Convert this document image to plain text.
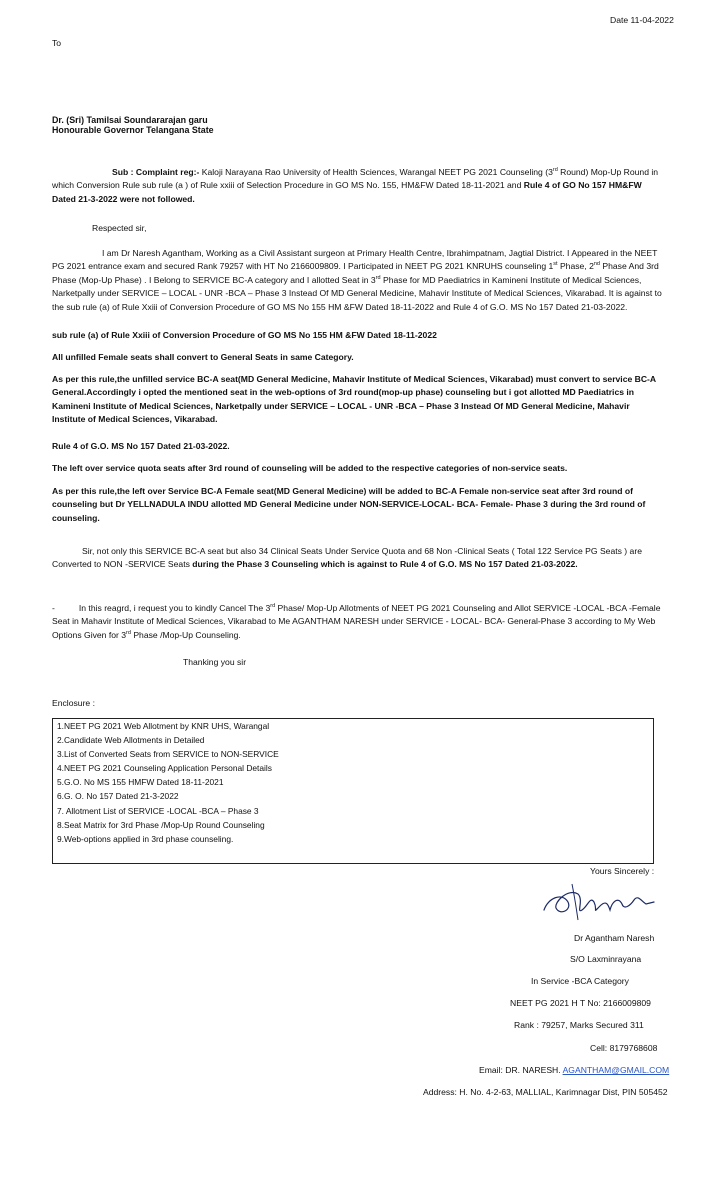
Date 11-04-2022
To
Dr. (Sri) Tamilsai Soundararajan garu
Honourable Governor Telangana State
Sub : Complaint reg:- Kaloji Narayana Rao University of Health Sciences, Warangal NEET PG 2021 Counseling (3rd Round) Mop-Up Round in which Conversion Rule sub rule (a ) of Rule xxiii of Selection Procedure in GO MS No. 155, HM&FW Dated 18-11-2021 and Rule 4 of GO No 157 HM&FW Dated 21-3-2022 were not followed.
Respected sir,
I am Dr Naresh Agantham, Working as a Civil Assistant surgeon at Primary Health Centre, Ibrahimpatnam, Jagtial District. I Appeared in the NEET PG 2021 entrance exam and secured Rank 79257 with HT No 2166009809. I Participated in NEET PG 2021 KNRUHS counseling 1st Phase, 2nd Phase And 3rd Phase (Mop-Up Phase) . I Belong to SERVICE BC-A category and I allotted Seat in 3rd Phase for MD Paediatrics in Kamineni Institute of Medical Sciences, Narketpally under SERVICE – LOCAL - UNR -BCA – Phase 3 Instead Of MD General Medicine, Mahavir Institute of Medical Sciences, Vikarabad. It is against to the sub rule (a) of Rule Xxiii of Conversion Procedure of GO MS No 155 HM &FW Dated 18-11-2022 and Rule 4 of G.O. MS No 157 Dated 21-03-2022.
sub rule (a) of Rule Xxiii of Conversion Procedure of GO MS No 155 HM &FW Dated 18-11-2022
All unfilled Female seats shall convert to General Seats in same Category.
As per this rule,the unfilled service BC-A seat(MD General Medicine, Mahavir Institute of Medical Sciences, Vikarabad) must convert to service BC-A General.Accordingly i opted the mentioned seat in the web-options of 3rd round(mop-up phase) counseling but i got allotted MD Paediatrics in Kamineni Institute of Medical Sciences, Narketpally under SERVICE – LOCAL - UNR -BCA – Phase 3 Instead Of MD General Medicine, Mahavir Institute of Medical Sciences, Vikarabad.
Rule 4 of G.O. MS No 157 Dated 21-03-2022.
The left over service quota seats after 3rd round of counseling will be added to the respective categories of non-service seats.
As per this rule,the left over Service BC-A Female seat(MD General Medicine) will be added to BC-A Female non-service seat after 3rd round of counseling but Dr YELLNADULA INDU allotted MD General Medicine under NON-SERVICE-LOCAL- BCA- Female- Phase 3 during the 3rd round of counseling.
Sir, not only this SERVICE BC-A seat but also 34 Clinical Seats Under Service Quota and 68 Non -Clinical Seats ( Total 122 Service PG Seats ) are Converted to NON -SERVICE Seats during the Phase 3 Counseling which is against to Rule 4 of G.O. MS No 157 Dated 21-03-2022.
-	In this reagrd, i request you to kindly Cancel The 3rd Phase/ Mop-Up Allotments of NEET PG 2021 Counseling and Allot SERVICE -LOCAL -BCA -Female Seat in Mahavir Institute of Medical Sciences, Vikarabad to Me AGANTHAM NARESH under SERVICE - LOCAL- BCA- General-Phase 3 according to My Web Options Given for 3rd Phase /Mop-Up Counseling.
Thanking you sir
Enclosure :
1.NEET PG 2021 Web Allotment by KNR UHS, Warangal
2.Candidate Web Allotments in Detailed
3.List of Converted Seats from SERVICE to NON-SERVICE
4.NEET PG 2021 Counseling Application Personal Details
5.G.O. No MS 155 HMFW Dated 18-11-2021
6.G. O. No 157 Dated 21-3-2022
7. Allotment List of SERVICE -LOCAL -BCA – Phase 3
8.Seat Matrix for 3rd Phase /Mop-Up Round Counseling
9.Web-options applied in 3rd phase counseling.
Yours Sincerely :
Dr Agantham Naresh
S/O Laxminrayana
In Service -BCA Category
NEET PG 2021 H T No: 2166009809
Rank : 79257, Marks Secured 311
Cell: 8179768608
Email: DR. NARESH. AGANTHAM@GMAIL.COM
Address: H. No. 4-2-63, MALLIAL, Karimnagar Dist, PIN 505452
